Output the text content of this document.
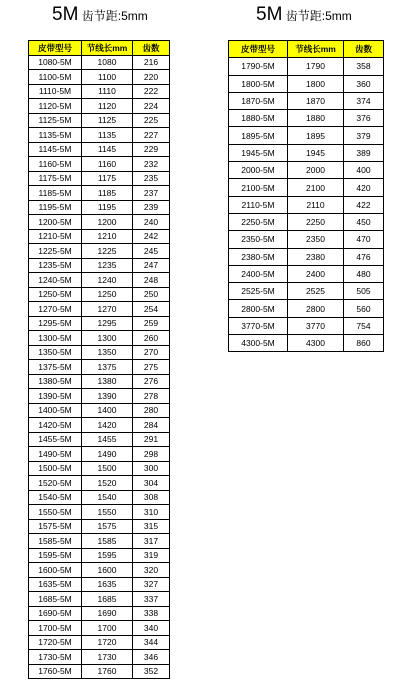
5M 齿节距:5mm	5M 齿节距:5mm
皮带型号	节线长mm	齿数
1080-5M	1080	216
1100-5M	1100	220
1110-5M	1110	222
1120-5M	1120	224
1125-5M	1125	225
1135-5M	1135	227
1145-5M	1145	229
1160-5M	1160	232
1175-5M	1175	235
1185-5M	1185	237
1195-5M	1195	239
1200-5M	1200	240
1210-5M	1210	242
1225-5M	1225	245
1235-5M	1235	247
1240-5M	1240	248
1250-5M	1250	250
1270-5M	1270	254
1295-5M	1295	259
1300-5M	1300	260
1350-5M	1350	270
1375-5M	1375	275
1380-5M	1380	276
1390-5M	1390	278
1400-5M	1400	280
1420-5M	1420	284
1455-5M	1455	291
1490-5M	1490	298
1500-5M	1500	300
1520-5M	1520	304
1540-5M	1540	308
1550-5M	1550	310
1575-5M	1575	315
1585-5M	1585	317
1595-5M	1595	319
1600-5M	1600	320
1635-5M	1635	327
1685-5M	1685	337
1690-5M	1690	338
1700-5M	1700	340
1720-5M	1720	344
1730-5M	1730	346
1760-5M	1760	352
皮带型号	节线长mm	齿数
1790-5M	1790	358
1800-5M	1800	360
1870-5M	1870	374
1880-5M	1880	376
1895-5M	1895	379
1945-5M	1945	389
2000-5M	2000	400
2100-5M	2100	420
2110-5M	2110	422
2250-5M	2250	450
2350-5M	2350	470
2380-5M	2380	476
2400-5M	2400	480
2525-5M	2525	505
2800-5M	2800	560
3770-5M	3770	754
4300-5M	4300	860
